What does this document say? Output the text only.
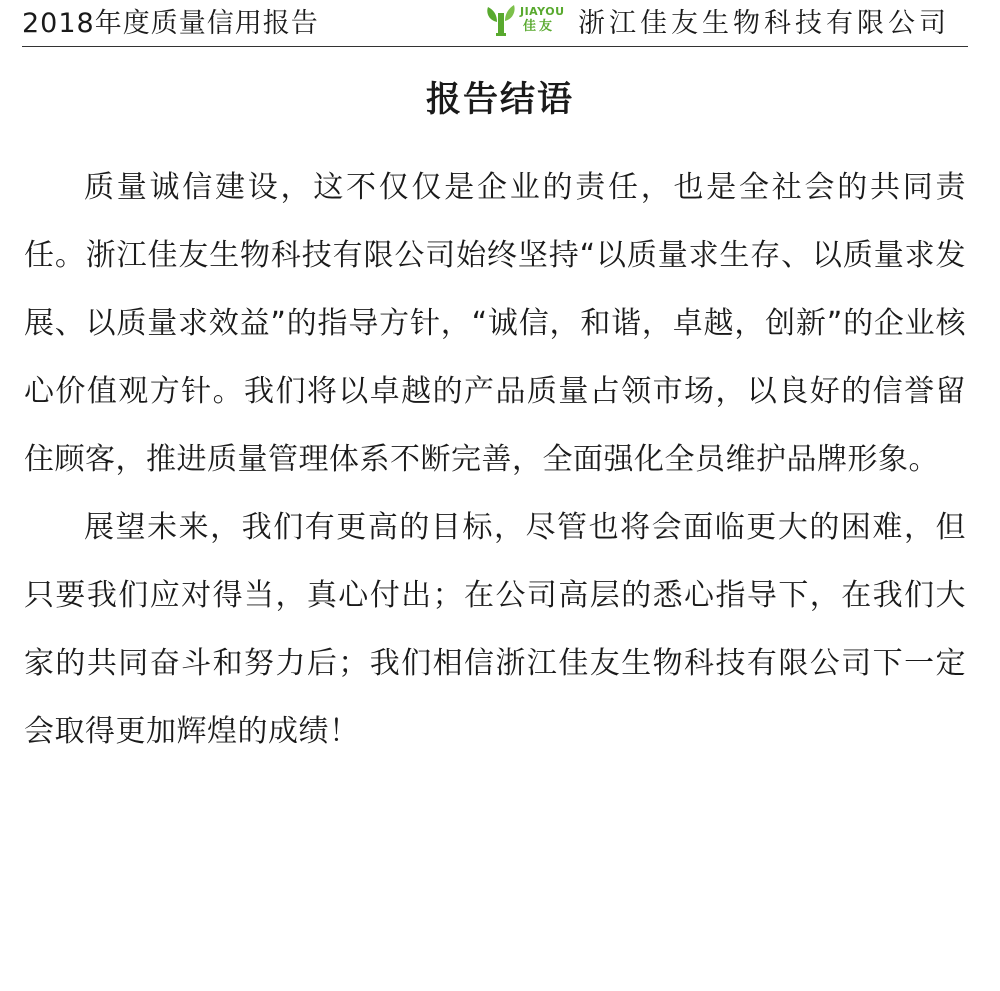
2018年度质量信用报告	JIAYOU
佳友 浙江佳友生物科技有限公司
报告结语

质量诚信建设，这不仅仅是企业的责任，也是全社会的共同责任。浙江佳友生物科技有限公司始终坚持“以质量求生存、以质量求发展、以质量求效益”的指导方针，“诚信，和谐，卓越，创新”的企业核心价值观方针。我们将以卓越的产品质量占领市场，以良好的信誉留住顾客，推进质量管理体系不断完善，全面强化全员维护品牌形象。

展望未来，我们有更高的目标，尽管也将会面临更大的困难，但只要我们应对得当，真心付出；在公司高层的悉心指导下，在我们大家的共同奋斗和努力后；我们相信浙江佳友生物科技有限公司下一定会取得更加辉煌的成绩！
